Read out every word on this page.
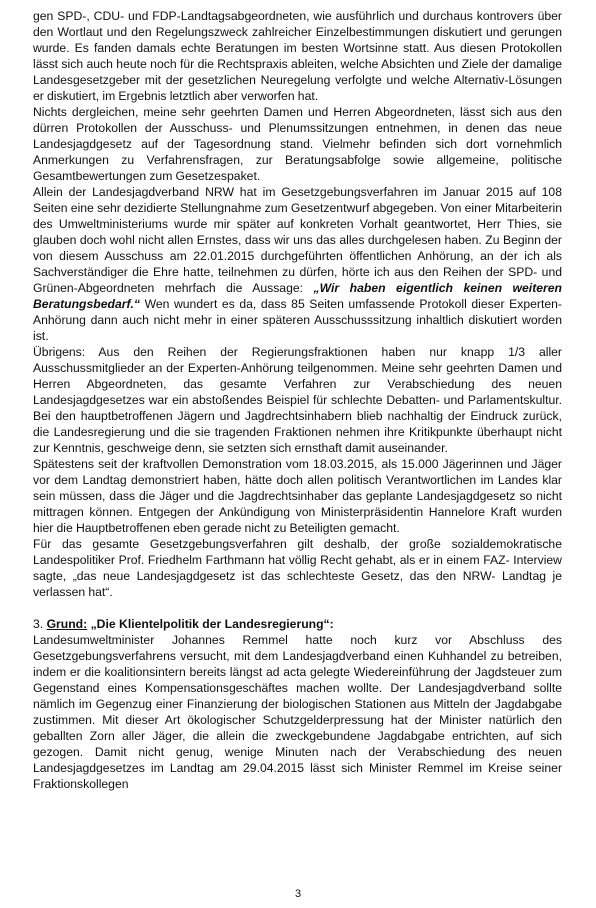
gen SPD-, CDU- und FDP-Landtagsabgeordneten, wie ausführlich und durchaus kontrovers über den Wortlaut und den Regelungszweck zahlreicher Einzelbestimmungen diskutiert und gerungen wurde. Es fanden damals echte Beratungen im besten Wortsinne statt. Aus diesen Protokollen lässt sich auch heute noch für die Rechtspraxis ableiten, welche Absichten und Ziele der damalige Landesgesetzgeber mit der gesetzlichen Neuregelung verfolgte und welche Alternativ-Lösungen er diskutiert, im Ergebnis letztlich aber verworfen hat.

Nichts dergleichen, meine sehr geehrten Damen und Herren Abgeordneten, lässt sich aus den dürren Protokollen der Ausschuss- und Plenumssitzungen entnehmen, in denen das neue Landesjagdgesetz auf der Tagesordnung stand. Vielmehr befinden sich dort vornehmlich Anmerkungen zu Verfahrensfragen, zur Beratungsabfolge sowie allgemeine, politische Gesamtbewertungen zum Gesetzespaket.

Allein der Landesjagdverband NRW hat im Gesetzgebungsverfahren im Januar 2015 auf 108 Seiten eine sehr dezidierte Stellungnahme zum Gesetzentwurf abgegeben. Von einer Mitarbeiterin des Umweltministeriums wurde mir später auf konkreten Vorhalt geantwortet, Herr Thies, sie glauben doch wohl nicht allen Ernstes, dass wir uns das alles durchgelesen haben. Zu Beginn der von diesem Ausschuss am 22.01.2015 durchgeführten öffentlichen Anhörung, an der ich als Sachverständiger die Ehre hatte, teilnehmen zu dürfen, hörte ich aus den Reihen der SPD- und Grünen-Abgeordneten mehrfach die Aussage: „Wir haben eigentlich keinen weiteren Beratungsbedarf.“ Wen wundert es da, dass 85 Seiten umfassende Protokoll dieser Experten-Anhörung dann auch nicht mehr in einer späteren Ausschusssitzung inhaltlich diskutiert worden ist.

Übrigens: Aus den Reihen der Regierungsfraktionen haben nur knapp 1/3 aller Ausschussmitglieder an der Experten-Anhörung teilgenommen. Meine sehr geehrten Damen und Herren Abgeordneten, das gesamte Verfahren zur Verabschiedung des neuen Landesjagdgesetzes war ein abstoßendes Beispiel für schlechte Debatten- und Parlamentskultur. Bei den hauptbetroffenen Jägern und Jagdrechtsinhabern blieb nachhaltig der Eindruck zurück, die Landesregierung und die sie tragenden Fraktionen nehmen ihre Kritikpunkte überhaupt nicht zur Kenntnis, geschweige denn, sie setzten sich ernsthaft damit auseinander.

Spätestens seit der kraftvollen Demonstration vom 18.03.2015, als 15.000 Jägerinnen und Jäger vor dem Landtag demonstriert haben, hätte doch allen politisch Verantwortlichen im Landes klar sein müssen, dass die Jäger und die Jagdrechtsinhaber das geplante Landesjagdgesetz so nicht mittragen können. Entgegen der Ankündigung von Ministerpräsidentin Hannelore Kraft wurden hier die Hauptbetroffenen eben gerade nicht zu Beteiligten gemacht.

Für das gesamte Gesetzgebungsverfahren gilt deshalb, der große sozialdemokratische Landespolitiker Prof. Friedhelm Farthmann hat völlig Recht gehabt, als er in einem FAZ- Interview sagte, „das neue Landesjagdgesetz ist das schlechteste Gesetz, das den NRW- Landtag je verlassen hat“.

3. Grund: „Die Klientelpolitik der Landesregierung“:

Landesumweltminister Johannes Remmel hatte noch kurz vor Abschluss des Gesetzgebungsverfahrens versucht, mit dem Landesjagdverband einen Kuhhandel zu betreiben, indem er die koalitionsintern bereits längst ad acta gelegte Wiedereinführung der Jagdsteuer zum Gegenstand eines Kompensationsgeschäftes machen wollte. Der Landesjagdverband sollte nämlich im Gegenzug einer Finanzierung der biologischen Stationen aus Mitteln der Jagdabgabe zustimmen. Mit dieser Art ökologischer Schutzgelderpressung hat der Minister natürlich den geballten Zorn aller Jäger, die allein die zweckgebundene Jagdabgabe entrichten, auf sich gezogen. Damit nicht genug, wenige Minuten nach der Verabschiedung des neuen Landesjagdgesetzes im Landtag am 29.04.2015 lässt sich Minister Remmel im Kreise seiner Fraktionskollegen

3
